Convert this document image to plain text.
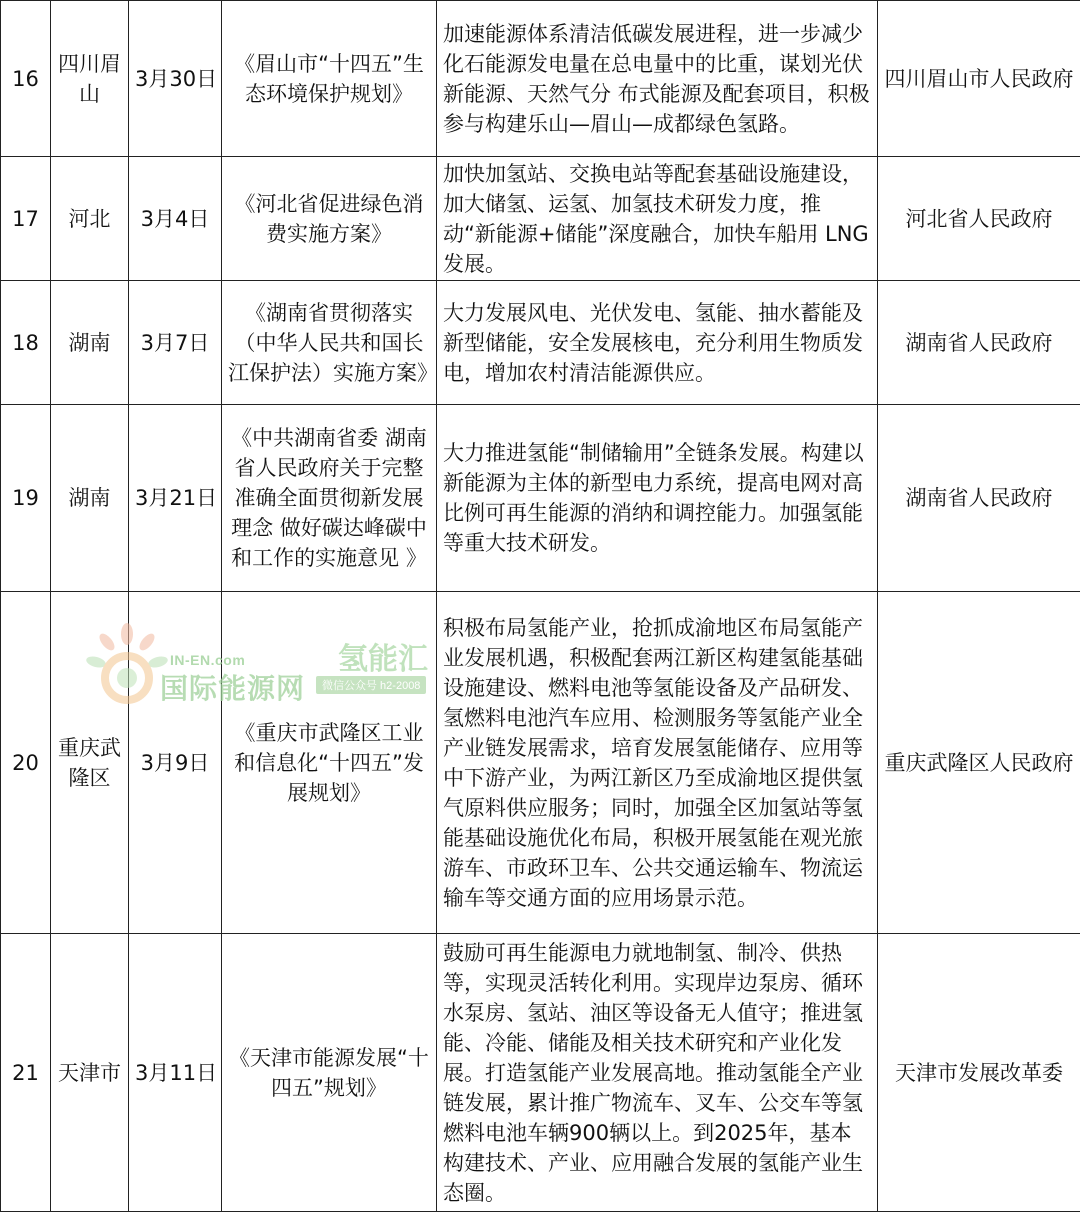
16	四川眉山	3月30日	《眉山市“十四五”生态环境保护规划》	加速能源体系清洁低碳发展进程，进一步减少化石能源发电量在总电量中的比重，谋划光伏新能源、天然气分 布式能源及配套项目，积极参与构建乐山—眉山—成都绿色氢路。	四川眉山市人民政府
17	河北	3月4日	《河北省促进绿色消费实施方案》	加快加氢站、交换电站等配套基础设施建设，加大储氢、运氢、加氢技术研发力度，推动“新能源+储能”深度融合，加快车船用 LNG 发展。	河北省人民政府
18	湖南	3月7日	《湖南省贯彻落实（中华人民共和国长江保护法）实施方案》	大力发展风电、光伏发电、氢能、抽水蓄能及新型储能，安全发展核电，充分利用生物质发电，增加农村清洁能源供应。	湖南省人民政府
19	湖南	3月21日	《中共湖南省委 湖南省人民政府关于完整准确全面贯彻新发展理念 做好碳达峰碳中和工作的实施意见 》	大力推进氢能“制储输用”全链条发展。构建以新能源为主体的新型电力系统，提高电网对高比例可再生能源的消纳和调控能力。加强氢能等重大技术研发。	湖南省人民政府
20	重庆武隆区	3月9日	《重庆市武隆区工业和信息化“十四五”发展规划》	积极布局氢能产业，抢抓成渝地区布局氢能产业发展机遇，积极配套两江新区构建氢能基础设施建设、燃料电池等氢能设备及产品研发、氢燃料电池汽车应用、检测服务等氢能产业全产业链发展需求，培育发展氢能储存、应用等中下游产业，为两江新区乃至成渝地区提供氢气原料供应服务；同时，加强全区加氢站等氢能基础设施优化布局，积极开展氢能在观光旅游车、市政环卫车、公共交通运输车、物流运输车等交通方面的应用场景示范。	重庆武隆区人民政府
21	天津市	3月11日	《天津市能源发展“十四五”规划》	鼓励可再生能源电力就地制氢、制冷、供热等，实现灵活转化利用。实现岸边泵房、循环水泵房、氢站、油区等设备无人值守；推进氢能、冷能、储能及相关技术研究和产业化发展。打造氢能产业发展高地。推动氢能全产业链发展，累计推广物流车、叉车、公交车等氢燃料电池车辆900辆以上。到2025年，基本构建技术、产业、应用融合发展的氢能产业生态圈。	天津市发展改革委
IN-EN.com
国际能源网
氢能汇
微信公众号 h2-2008
